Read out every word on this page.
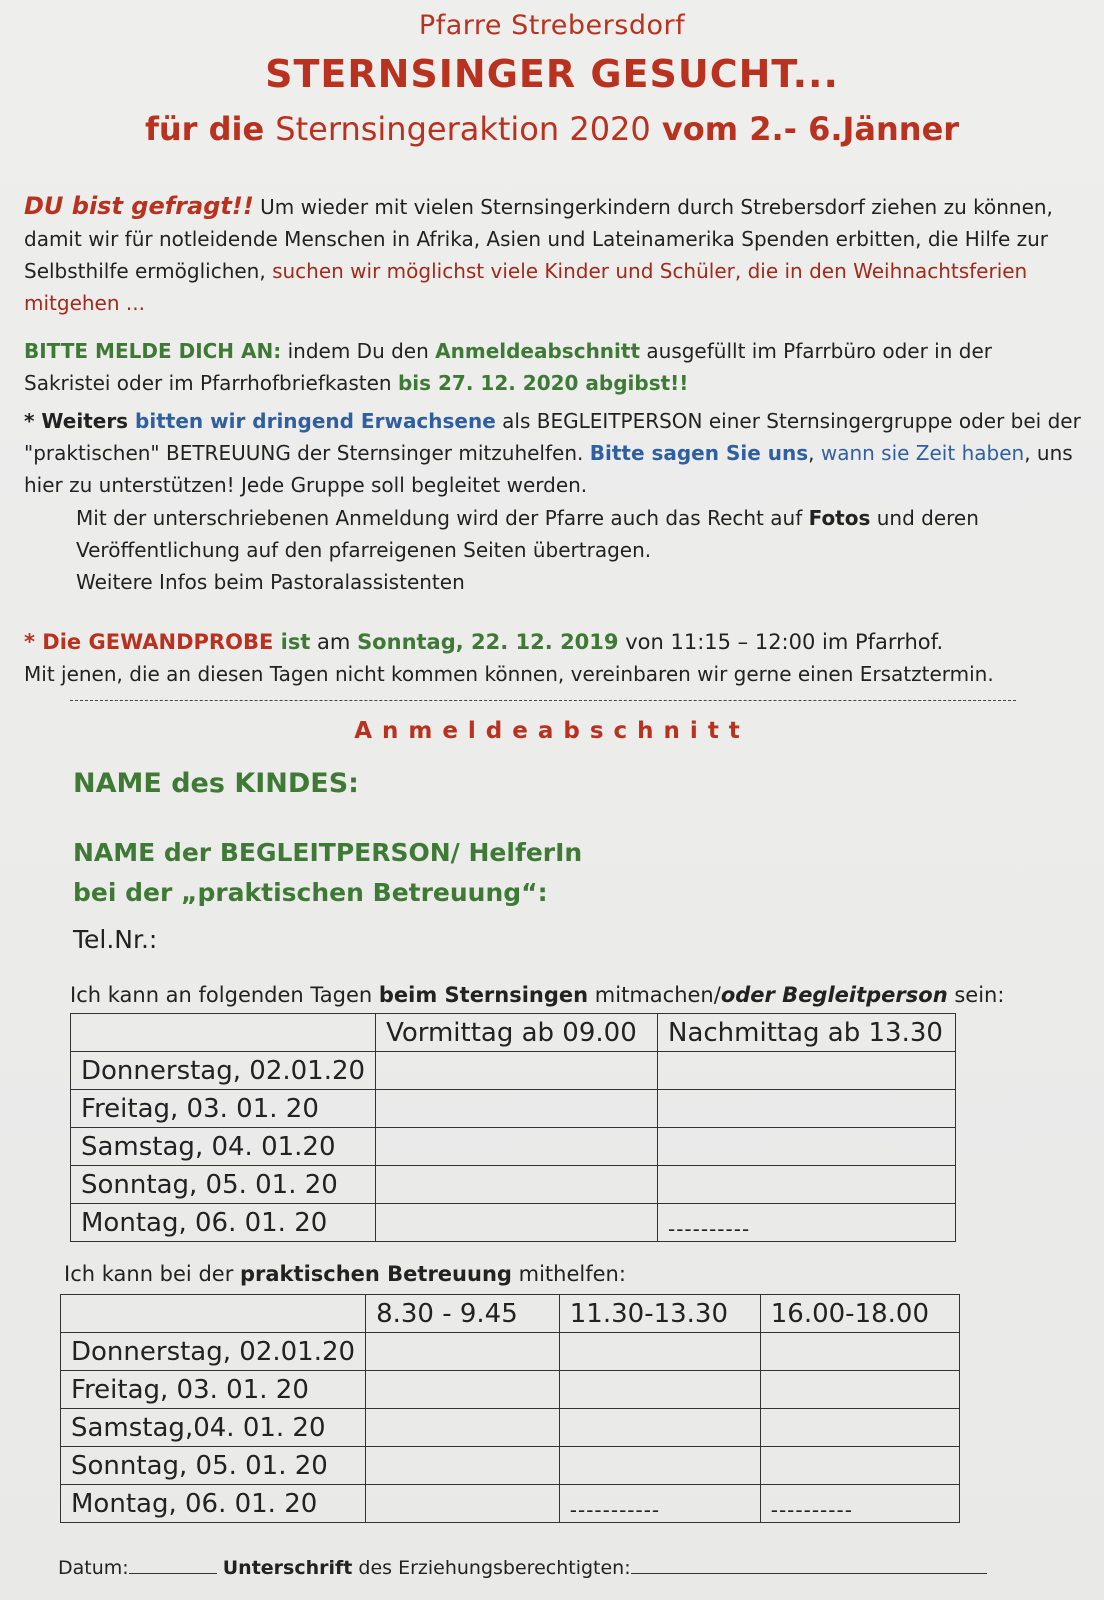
Pfarre Strebersdorf
STERNSINGER GESUCHT...
für die Sternsingeraktion 2020 vom 2.- 6.Jänner
DU bist gefragt!! Um wieder mit vielen Sternsingerkindern durch Strebersdorf ziehen zu können, damit wir für notleidende Menschen in Afrika, Asien und Lateinamerika Spenden erbitten, die Hilfe zur Selbsthilfe ermöglichen, suchen wir möglichst viele Kinder und Schüler, die in den Weihnachtsferien mitgehen ...
BITTE MELDE DICH AN: indem Du den Anmeldeabschnitt ausgefüllt im Pfarrbüro oder in der Sakristei oder im Pfarrhofbriefkasten bis 27. 12. 2020 abgibst!!
* Weiters bitten wir dringend Erwachsene als BEGLEITPERSON einer Sternsingergruppe oder bei der "praktischen" BETREUUNG der Sternsinger mitzuhelfen. Bitte sagen Sie uns, wann sie Zeit haben, uns hier zu unterstützen! Jede Gruppe soll begleitet werden.
Mit der unterschriebenen Anmeldung wird der Pfarre auch das Recht auf Fotos und deren Veröffentlichung auf den pfarreigenen Seiten übertragen.
Weitere Infos beim Pastoralassistenten
* Die GEWANDPROBE ist am Sonntag, 22. 12. 2019 von 11:15 – 12:00 im Pfarrhof.
Mit jenen, die an diesen Tagen nicht kommen können, vereinbaren wir gerne einen Ersatztermin.
Anmeldeabschnitt
NAME des KINDES:
NAME der BEGLEITPERSON/ HelferIn
bei der „praktischen Betreuung“:
Tel.Nr.:
Ich kann an folgenden Tagen beim Sternsingen mitmachen/oder Begleitperson sein:
	Vormittag ab 09.00	Nachmittag ab 13.30
Donnerstag, 02.01.20		
Freitag, 03. 01. 20		
Samstag, 04. 01.20		
Sonntag, 05. 01. 20		
Montag, 06. 01. 20		----------
Ich kann bei der praktischen Betreuung mithelfen:
	8.30 - 9.45	11.30-13.30	16.00-18.00
Donnerstag, 02.01.20			
Freitag, 03. 01. 20			
Samstag,04. 01. 20			
Sonntag, 05. 01. 20			
Montag, 06. 01. 20		-----------	----------
Datum:	Unterschrift des Erziehungsberechtigten:
